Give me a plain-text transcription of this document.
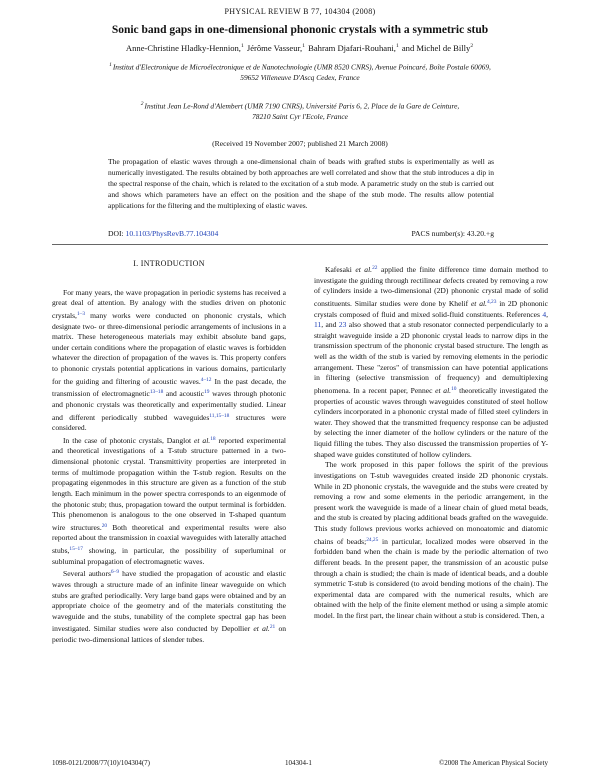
PHYSICAL REVIEW B 77, 104304 (2008)
Sonic band gaps in one-dimensional phononic crystals with a symmetric stub
Anne-Christine Hladky-Hennion,$^1$ Jérôme Vasseur,$^1$ Bahram Djafari-Rouhani,$^1$ and Michel de Billy$^2$
$^1$Institut d'Electronique de Microélectronique et de Nanotechnologie (UMR 8520 CNRS), Avenue Poincaré, Boîte Postale 60069,
59652 Villeneuve D'Ascq Cedex, France
$^2$Institut Jean Le-Rond d'Alembert (UMR 7190 CNRS), Université Paris 6, 2, Place de la Gare de Ceinture,
78210 Saint Cyr l'Ecole, France
(Received 19 November 2007; published 21 March 2008)
The propagation of elastic waves through a one-dimensional chain of beads with grafted stubs is experimentally as well as numerically investigated. The results obtained by both approaches are well correlated and show that the stub introduces a dip in the spectral response of the chain, which is related to the excitation of a stub mode. A parametric study on the stub is carried out and shows which parameters have an effect on the position and the shape of the stub mode. The results allow potential applications for the filtering and the multiplexing of elastic waves.
DOI: 10.1103/PhysRevB.77.104304	PACS number(s): 43.20.+g
I. INTRODUCTION

For many years, the wave propagation in periodic systems has received a great deal of attention. By analogy with the studies driven on photonic crystals,$^{1-3}$ many works were conducted on phononic crystals, which designate two- or three-dimensional periodic arrangements of inclusions in a matrix. These heterogeneous materials may exhibit absolute band gaps, under certain conditions where the propagation of elastic waves is forbidden whatever the direction of propagation of the waves is. This property confers to phononic crystals potential applications in various domains, particularly for the guiding and filtering of acoustic waves.$^{4-12}$ In the past decade, the transmission of electromagnetic$^{13-18}$ and acoustic$^{19}$ waves through photonic and phononic crystals was theoretically and experimentally studied. Linear and different periodically stubbed waveguides$^{11,15-18}$ structures were considered.

In the case of photonic crystals, Danglot et al.$^{18}$ reported experimental and theoretical investigations of a T-stub structure patterned in a two-dimensional photonic crystal. Transmittivity properties are interpreted in terms of multimode propagation within the T-stub region. Results on the propagating eigenmodes in this structure are given as a function of the stub length. Each minimum in the power spectra corresponds to an eigenmode of the photonic stub; thus, propagation toward the output terminal is forbidden. This phenomenon is analogous to the one observed in T-shaped quantum wire structures.$^{20}$ Both theoretical and experimental results were also reported about the transmission in coaxial waveguides with laterally attached stubs,$^{15-17}$ showing, in particular, the possibility of superluminal or subluminal propagation of electromagnetic waves.

Several authors$^{6-9}$ have studied the propagation of acoustic and elastic waves through a structure made of an infinite linear waveguide on which stubs are grafted periodically. Very large band gaps were obtained and by an appropriate choice of the geometry and of the materials constituting the waveguide and the stubs, tunability of the complete spectral gap has been investigated. Similar studies were also conducted by Depollier et al.$^{21}$ on periodic two-dimensional lattices of slender tubes.

Kafesaki et al.$^{22}$ applied the finite difference time domain method to investigate the guiding through rectilinear defects created by removing a row of cylinders inside a two-dimensional (2D) phononic crystal made of solid constituents. Similar studies were done by Khelif et al.$^{4,23}$ in 2D phononic crystals composed of fluid and mixed solid-fluid constituents. References 4, 11, and 23 also showed that a stub resonator connected perpendicularly to a straight waveguide inside a 2D phononic crystal leads to narrow dips in the transmission spectrum of the phononic crystal based structure. The length as well as the width of the stub is varied by removing elements in the periodic arrangement. These "zeros" of transmission can have potential applications in filtering (selective transmission of frequency) and demultiplexing phenomena. In a recent paper, Pennec et al.$^{10}$ theoretically investigated the properties of acoustic waves through waveguides constituted of steel hollow cylinders incorporated in a phononic crystal made of filled steel cylinders in water. They showed that the transmitted frequency response can be adjusted by selecting the inner diameter of the hollow cylinders or the nature of the liquid filling the tubes. They also discussed the transmission properties of Y-shaped wave guides constituted of hollow cylinders.

The work proposed in this paper follows the spirit of the previous investigations on T-stub waveguides created inside 2D phononic crystals. While in 2D phononic crystals, the waveguide and the stubs were created by removing a row and some elements in the periodic arrangement, in the present work the waveguide is made of a linear chain of glued metal beads, and the stub is created by placing additional beads grafted on the waveguide. This study follows previous works achieved on monoatomic and diatomic chains of beads;$^{24,25}$ in particular, localized modes were observed in the forbidden band when the chain is made by the periodic alternation of two different beads. In the present paper, the transmission of an acoustic pulse through a chain is studied; the chain is made of identical beads, and a double symmetric T-stub is considered (to avoid bending motions of the chain). The experimental data are compared with the numerical results, which are obtained with the help of the finite element method or using a simple atomic model. In the first part, the linear chain without a stub is considered. Then, a

1098-0121/2008/77(10)/104304(7)	104304-1	©2008 The American Physical Society
